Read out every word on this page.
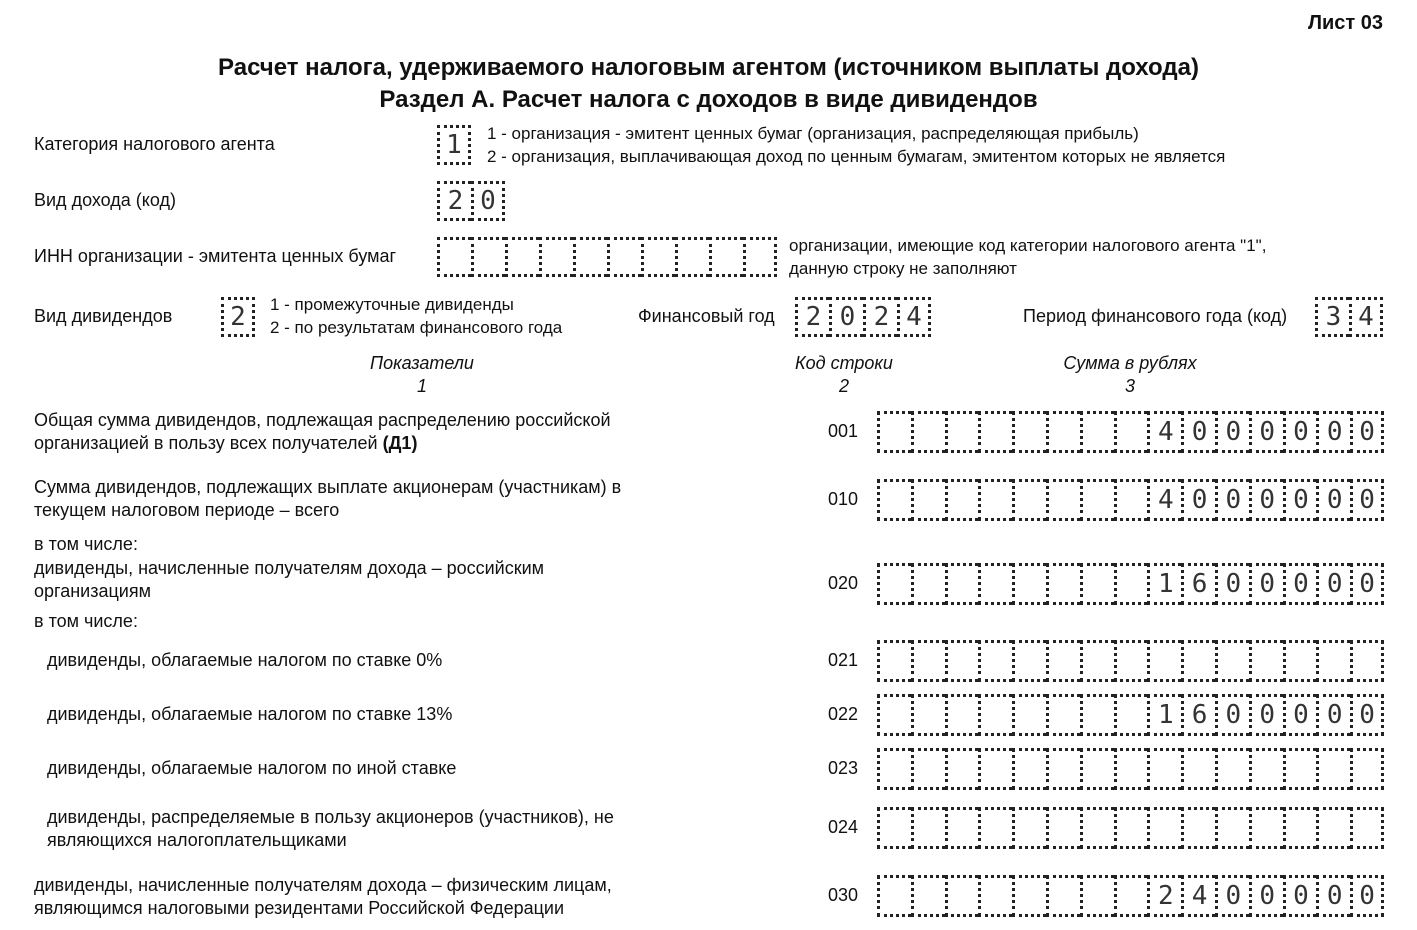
Лист 03
Расчет налога, удерживаемого налоговым агентом (источником выплаты дохода)
Раздел А. Расчет налога с доходов в виде дивидендов
Категория налогового агента	1	1 - организация - эмитент ценных бумаг (организация, распределяющая прибыль)
2 - организация, выплачивающая доход по ценным бумагам, эмитентом которых не является
Вид дохода (код)	2 0
ИНН организации - эмитента ценных бумаг
организации, имеющие код категории налогового агента "1",
данную строку не заполняют
Вид дивидендов	2	1 - промежуточные дивиденды
2 - по результатам финансового года
Финансовый год	2 0 2 4	Период финансового года (код)	3 4
Показатели
1
Код строки
2
Сумма в рублях
3
в том числе:
в том числе:
Общая сумма дивидендов, подлежащая распределению российской
организацией в пользу всех получателей (Д1)
001	4 0 0 0 0 0 0
Сумма дивидендов, подлежащих выплате акционерам (участникам) в
текущем налоговом периоде – всего
010	4 0 0 0 0 0 0
дивиденды, начисленные получателям дохода – российским
организациям	020	1 6 0 0 0 0 0
дивиденды, облагаемые налогом по ставке 0%	021
дивиденды, облагаемые налогом по ставке 13%	022	1 6 0 0 0 0 0
дивиденды, облагаемые налогом по иной ставке	023
дивиденды, распределяемые в пользу акционеров (участников), не
являющихся налогоплательщиками
024
дивиденды, начисленные получателям дохода – физическим лицам,
являющимся налоговыми резидентами Российской Федерации
030	2 4 0 0 0 0 0
